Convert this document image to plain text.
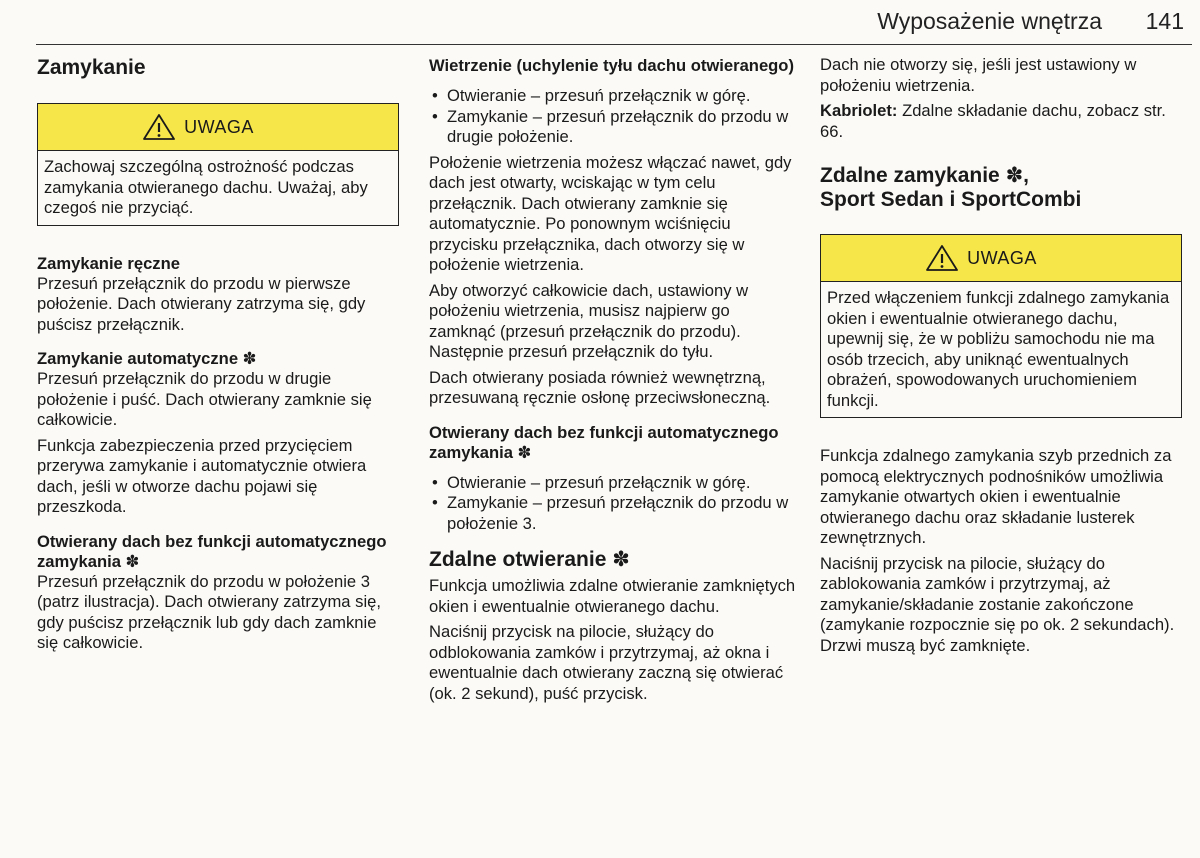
Wyposażenie wnętrza 141
Zamykanie
UWAGA

Zachowaj szczególną ostrożność podczas zamykania otwieranego dachu. Uważaj, aby czegoś nie przyciąć.

Zamykanie ręczne

Przesuń przełącznik do przodu w pierwsze położenie. Dach otwierany zatrzyma się, gdy puścisz przełącznik.

Zamykanie automatyczne ✽

Przesuń przełącznik do przodu w drugie położenie i puść. Dach otwierany zamknie się całkowicie.

Funkcja zabezpieczenia przed przycięciem przerywa zamykanie i automatycznie otwiera dach, jeśli w otworze dachu pojawi się przeszkoda.

Otwierany dach bez funkcji automatycznego zamykania ✽

Przesuń przełącznik do przodu w położenie 3 (patrz ilustracja). Dach otwierany zatrzyma się, gdy puścisz przełącznik lub gdy dach zamknie się całkowicie.

Wietrzenie (uchylenie tyłu dachu otwieranego)
• Otwieranie – przesuń przełącznik w górę.
• Zamykanie – przesuń przełącznik do przodu w drugie położenie.

Położenie wietrzenia możesz włączać nawet, gdy dach jest otwarty, wciskając w tym celu przełącznik. Dach otwierany zamknie się automatycznie. Po ponownym wciśnięciu przycisku przełącznika, dach otworzy się w położenie wietrzenia.

Aby otworzyć całkowicie dach, ustawiony w położeniu wietrzenia, musisz najpierw go zamknąć (przesuń przełącznik do przodu). Następnie przesuń przełącznik do tyłu.

Dach otwierany posiada również wewnętrzną, przesuwaną ręcznie osłonę przeciwsłoneczną.

Otwierany dach bez funkcji automatycznego zamykania ✽
• Otwieranie – przesuń przełącznik w górę.
• Zamykanie – przesuń przełącznik do przodu w położenie 3.
Zdalne otwieranie ✽

Funkcja umożliwia zdalne otwieranie zamkniętych okien i ewentualnie otwieranego dachu.

Naciśnij przycisk na pilocie, służący do odblokowania zamków i przytrzymaj, aż okna i ewentualnie dach otwierany zaczną się otwierać (ok. 2 sekund), puść przycisk.

Dach nie otworzy się, jeśli jest ustawiony w położeniu wietrzenia.

Kabriolet: Zdalne składanie dachu, zobacz str. 66.

Zdalne zamykanie ✽,
Sport Sedan i SportCombi
UWAGA

Przed włączeniem funkcji zdalnego zamykania okien i ewentualnie otwieranego dachu, upewnij się, że w pobliżu samochodu nie ma osób trzecich, aby uniknąć ewentualnych obrażeń, spowodowanych uruchomieniem funkcji.

Funkcja zdalnego zamykania szyb przednich za pomocą elektrycznych podnośników umożliwia zamykanie otwartych okien i ewentualnie otwieranego dachu oraz składanie lusterek zewnętrznych.

Naciśnij przycisk na pilocie, służący do zablokowania zamków i przytrzymaj, aż zamykanie/składanie zostanie zakończone (zamykanie rozpocznie się po ok. 2 sekundach). Drzwi muszą być zamknięte.
